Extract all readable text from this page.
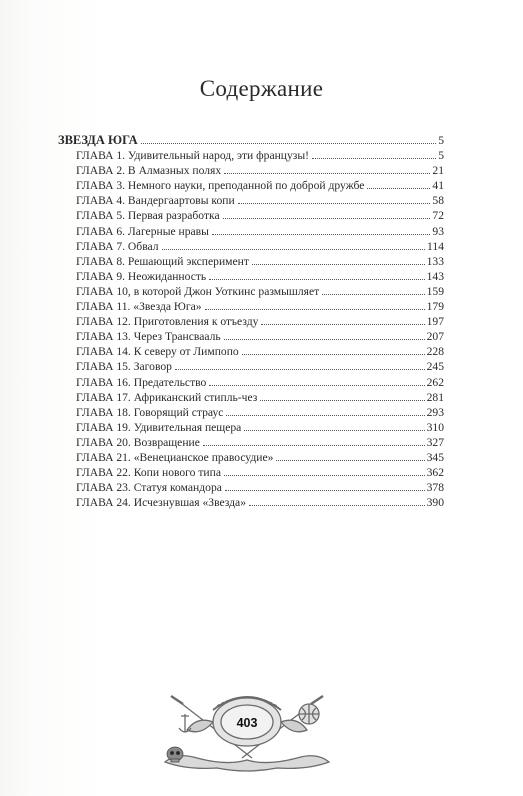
Содержание
ЗВЕЗДА ЮГА	5
ГЛАВА 1. Удивительный народ, эти французы!	5
ГЛАВА 2. В Алмазных полях	21
ГЛАВА 3. Немного науки, преподанной по доброй дружбе	41
ГЛАВА 4. Вандергаартовы копи	58
ГЛАВА 5. Первая разработка	72
ГЛАВА 6. Лагерные нравы	93
ГЛАВА 7. Обвал	114
ГЛАВА 8. Решающий эксперимент	133
ГЛАВА 9. Неожиданность	143
ГЛАВА 10, в которой Джон Уоткинс размышляет	159
ГЛАВА 11. «Звезда Юга»	179
ГЛАВА 12. Приготовления к отъезду	197
ГЛАВА 13. Через Трансвааль	207
ГЛАВА 14. К северу от Лимпопо	228
ГЛАВА 15. Заговор	245
ГЛАВА 16. Предательство	262
ГЛАВА 17. Африканский стипль-чез	281
ГЛАВА 18. Говорящий страус	293
ГЛАВА 19. Удивительная пещера	310
ГЛАВА 20. Возвращение	327
ГЛАВА 21. «Венецианское правосудие»	345
ГЛАВА 22. Копи нового типа	362
ГЛАВА 23. Статуя командора	378
ГЛАВА 24. Исчезнувшая «Звезда»	390
403
